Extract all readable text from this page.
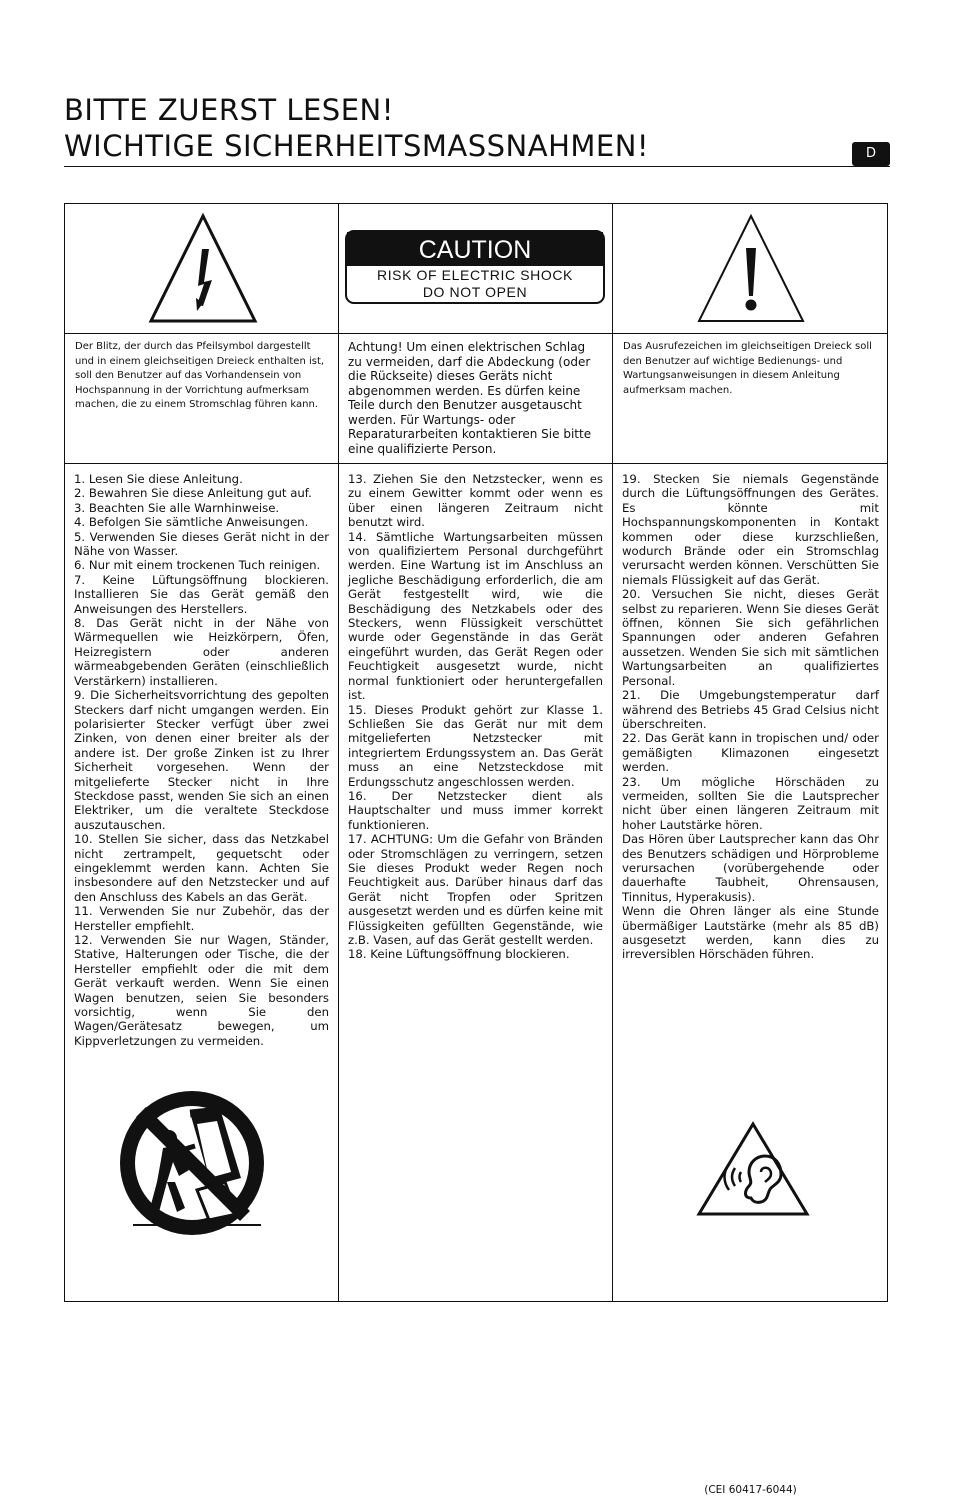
BITTE ZUERST LESEN!
WICHTIGE SICHERHEITSMASSNAHMEN!	D
CAUTION
RISK OF ELECTRIC SHOCK
DO NOT OPEN
Der Blitz, der durch das Pfeilsymbol dargestellt und in einem gleichseitigen Dreieck enthalten ist, soll den Benutzer auf das Vorhandensein von Hochspannung in der Vorrichtung aufmerksam machen, die zu einem Stromschlag führen kann.
Achtung! Um einen elektrischen Schlag zu vermeiden, darf die Abdeckung (oder die Rückseite) dieses Geräts nicht abgenommen werden. Es dürfen keine Teile durch den Benutzer ausgetauscht werden. Für Wartungs- oder Reparaturarbeiten kontaktieren Sie bitte eine qualifizierte Person.
Das Ausrufezeichen im gleichseitigen Dreieck soll den Benutzer auf wichtige Bedienungs- und Wartungsanweisungen in diesem Anleitung aufmerksam machen.

1. Lesen Sie diese Anleitung.

2. Bewahren Sie diese Anleitung gut auf.

3. Beachten Sie alle Warnhinweise.

4. Befolgen Sie sämtliche Anweisungen.

5. Verwenden Sie dieses Gerät nicht in der Nähe von Wasser.

6. Nur mit einem trockenen Tuch reinigen.

7. Keine Lüftungsöffnung blockieren. Installieren Sie das Gerät gemäß den Anweisungen des Herstellers.

8. Das Gerät nicht in der Nähe von Wärmequellen wie Heizkörpern, Öfen, Heizregistern oder anderen wärmeabgebenden Geräten (einschließlich Verstärkern) installieren.

9. Die Sicherheitsvorrichtung des gepolten Steckers darf nicht umgangen werden. Ein polarisierter Stecker verfügt über zwei Zinken, von denen einer breiter als der andere ist. Der große Zinken ist zu Ihrer Sicherheit vorgesehen. Wenn der mitgelieferte Stecker nicht in Ihre Steckdose passt, wenden Sie sich an einen Elektriker, um die veraltete Steckdose auszutauschen.

10. Stellen Sie sicher, dass das Netzkabel nicht zertrampelt, gequetscht oder eingeklemmt werden kann. Achten Sie insbesondere auf den Netzstecker und auf den Anschluss des Kabels an das Gerät.

11. Verwenden Sie nur Zubehör, das der Hersteller empfiehlt.

12. Verwenden Sie nur Wagen, Ständer, Stative, Halterungen oder Tische, die der Hersteller empfiehlt oder die mit dem Gerät verkauft werden. Wenn Sie einen Wagen benutzen, seien Sie besonders vorsichtig, wenn Sie den Wagen/Gerätesatz bewegen, um Kippverletzungen zu vermeiden.

13. Ziehen Sie den Netzstecker, wenn es zu einem Gewitter kommt oder wenn es über einen längeren Zeitraum nicht benutzt wird.

14. Sämtliche Wartungsarbeiten müssen von qualifiziertem Personal durchgeführt werden. Eine Wartung ist im Anschluss an jegliche Beschädigung erforderlich, die am Gerät festgestellt wird, wie die Beschädigung des Netzkabels oder des Steckers, wenn Flüssigkeit verschüttet wurde oder Gegenstände in das Gerät eingeführt wurden, das Gerät Regen oder Feuchtigkeit ausgesetzt wurde, nicht normal funktioniert oder heruntergefallen ist.

15. Dieses Produkt gehört zur Klasse 1. Schließen Sie das Gerät nur mit dem mitgelieferten Netzstecker mit integriertem Erdungssystem an. Das Gerät muss an eine Netzsteckdose mit Erdungsschutz angeschlossen werden.

16. Der Netzstecker dient als Hauptschalter und muss immer korrekt funktionieren.

17. ACHTUNG: Um die Gefahr von Bränden oder Stromschlägen zu verringern, setzen Sie dieses Produkt weder Regen noch Feuchtigkeit aus. Darüber hinaus darf das Gerät nicht Tropfen oder Spritzen ausgesetzt werden und es dürfen keine mit Flüssigkeiten gefüllten Gegenstände, wie z.B. Vasen, auf das Gerät gestellt werden.

18. Keine Lüftungsöffnung blockieren.

19. Stecken Sie niemals Gegenstände durch die Lüftungsöffnungen des Gerätes. Es könnte mit Hochspannungskomponenten in Kontakt kommen oder diese kurzschließen, wodurch Brände oder ein Stromschlag verursacht werden können. Verschütten Sie niemals Flüssigkeit auf das Gerät.

20. Versuchen Sie nicht, dieses Gerät selbst zu reparieren. Wenn Sie dieses Gerät öffnen, können Sie sich gefährlichen Spannungen oder anderen Gefahren aussetzen. Wenden Sie sich mit sämtlichen Wartungsarbeiten an qualifiziertes Personal.

21. Die Umgebungstemperatur darf während des Betriebs 45 Grad Celsius nicht überschreiten.

22. Das Gerät kann in tropischen und/ oder gemäßigten Klimazonen eingesetzt werden.

23. Um mögliche Hörschäden zu vermeiden, sollten Sie die Lautsprecher nicht über einen längeren Zeitraum mit hoher Lautstärke hören.

Das Hören über Lautsprecher kann das Ohr des Benutzers schädigen und Hörprobleme verursachen (vorübergehende oder dauerhafte Taubheit, Ohrensausen, Tinnitus, Hyperakusis).

Wenn die Ohren länger als eine Stunde übermäßiger Lautstärke (mehr als 85 dB) ausgesetzt werden, kann dies zu irreversiblen Hörschäden führen.

(CEI 60417-6044)
